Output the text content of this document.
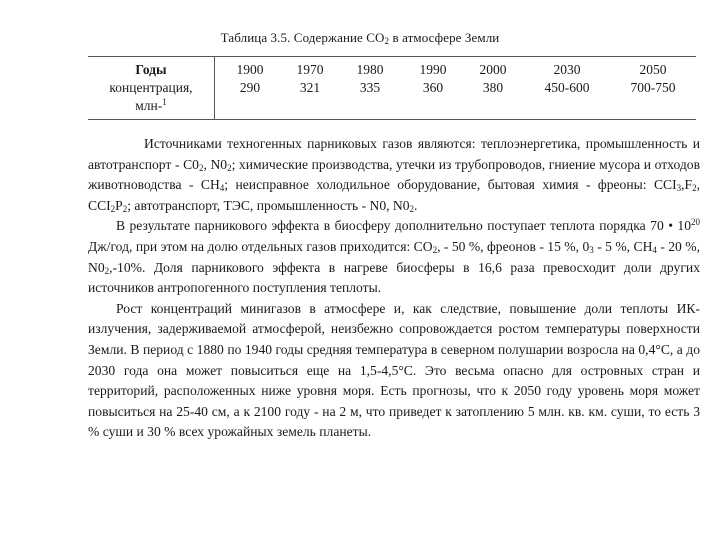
Таблица 3.5. Содержание $СО_2$ в атмосфере Земли
Годы
концентрация,
млн-$^1$
1900
290
1970
321
1980
335
1990
360
2000
380
2030
450-600
2050
700-750

Источниками техногенных парниковых газов являются: теплоэнергетика, промышленность и автотранспорт - $С0_2$, $N0_2$; химические производства, утечки из трубопроводов, гниение мусора и отходов животноводства - $СН_4$; неисправное холодильное оборудование, бытовая химия - фреоны: $ССI_3,F_2$, $CCI_2P_2$; автотранспорт, ТЭС, промышленность - N0, $N0_2$.

В результате парникового эффекта в биосферу дополнительно поступает теплота порядка 70 • $10^{20}$ Дж/год, при этом на долю отдельных газов приходится: $СО_2$, - 50 %, фреонов - 15 %, $0_3 - 5$ %, $CH_4 - 20$ %, $N0_2,-10\%$. Доля парникового эффекта в нагреве биосферы в 16,6 раза превосходит доли других источников антропогенного поступления теплоты.

Рост концентраций минигазов в атмосфере и, как следствие, повышение доли теплоты ИК-излучения, задерживаемой атмосферой, неизбежно сопровождается ростом температуры поверхности Земли. В период с 1880 по 1940 годы средняя температура в северном полушарии возросла на 0,4°С, а до 2030 года она может повыситься еще на 1,5-4,5°С. Это весьма опасно для островных стран и территорий, расположенных ниже уровня моря. Есть прогнозы, что к 2050 году уровень моря может повыситься на 25-40 см, а к 2100 году - на 2 м, что приведет к затоплению 5 млн. кв. км. суши, то есть 3 % суши и 30 % всех урожайных земель планеты.
